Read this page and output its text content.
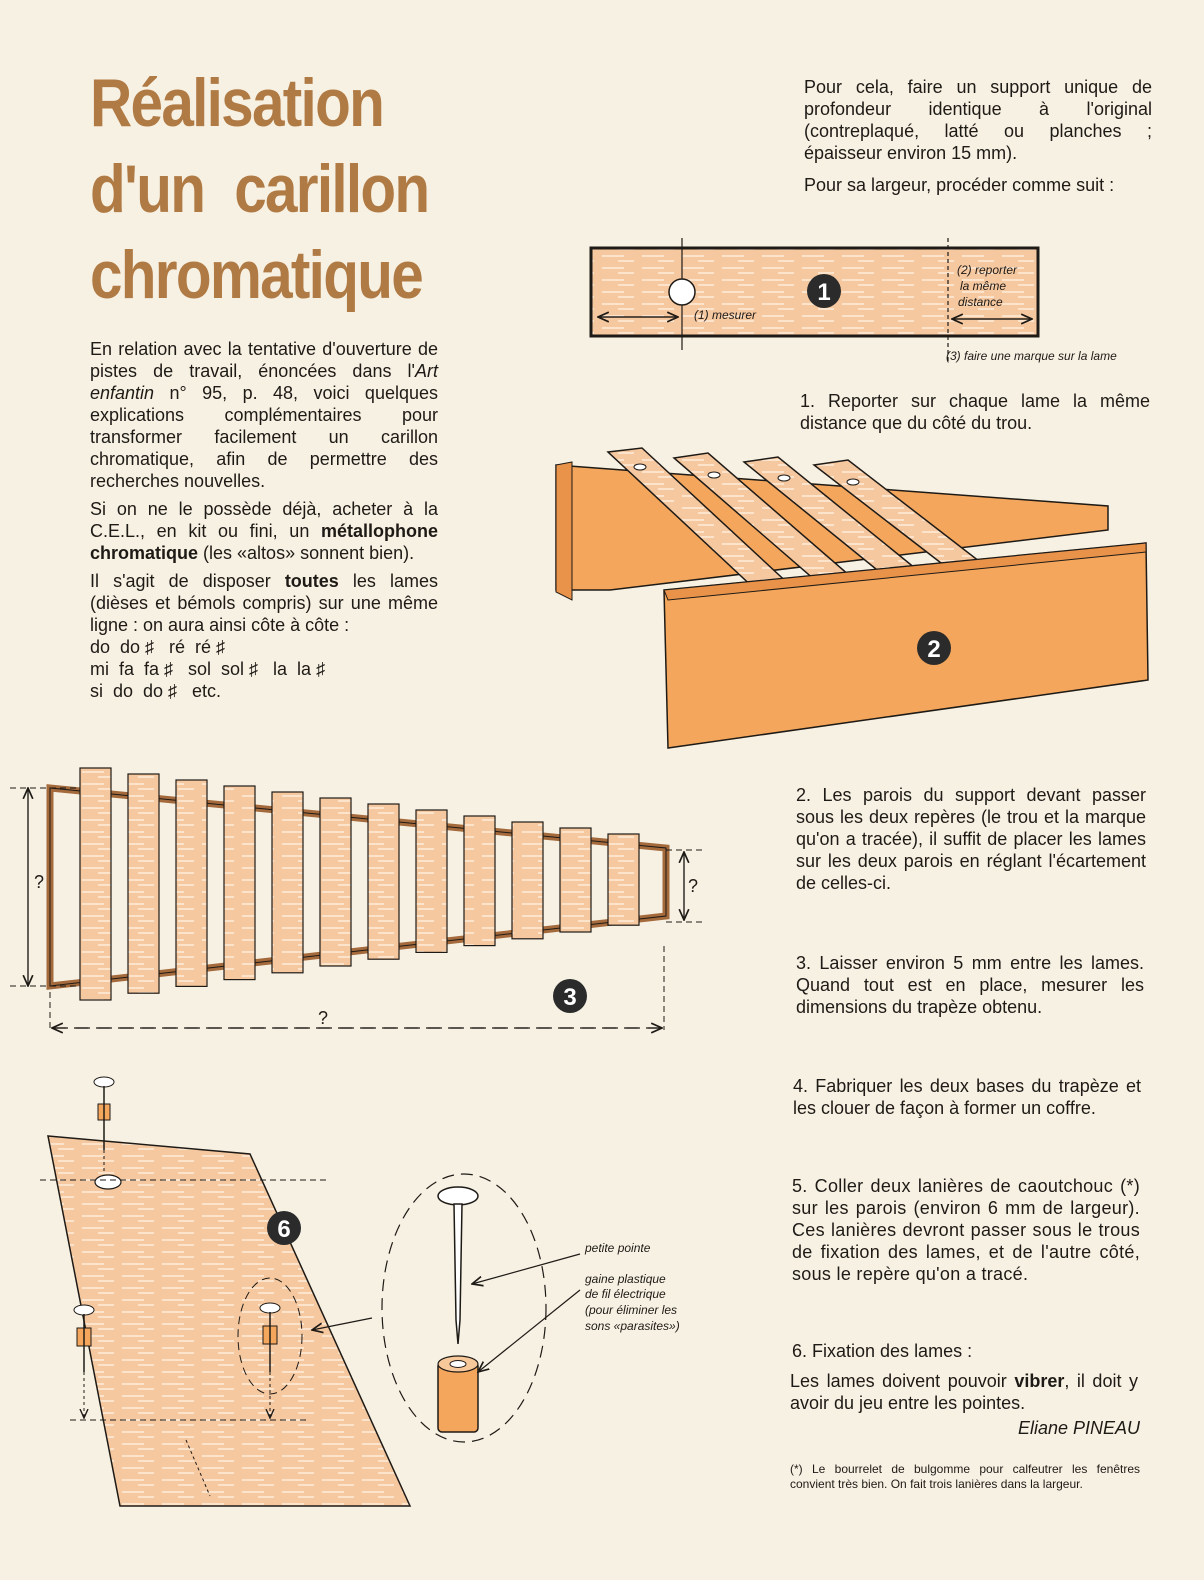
Réalisation
d'un carillon
chromatique

En relation avec la tentative d'ouverture de pistes de travail, énoncées dans l'Art enfantin n° 95, p. 48, voici quelques explications complémentaires pour transformer facilement un carillon chromatique, afin de permettre des recherches nouvelles.

Si on ne le possède déjà, acheter à la C.E.L., en kit ou fini, un métallophone chromatique (les «altos» sonnent bien).

Il s'agit de disposer toutes les lames (dièses et bémols compris) sur une même ligne : on aura ainsi côte à côte :

do  do ♯   ré  ré ♯
mi  fa  fa ♯   sol  sol ♯   la  la ♯
si  do  do ♯   etc.

Pour cela, faire un support unique de profondeur identique à l'original (contreplaqué, latté ou planches ; épaisseur environ 15 mm).

Pour sa largeur, procéder comme suit :

1. Reporter sur chaque lame la même distance que du côté du trou.
2. Les parois du support devant passer sous les deux repères (le trou et la marque qu'on a tracée), il suffit de placer les lames sur les deux parois en réglant l'écartement de celles-ci.
3. Laisser environ 5 mm entre les lames. Quand tout est en place, mesurer les dimensions du trapèze obtenu.
4. Fabriquer les deux bases du trapèze et les clouer de façon à former un coffre.
5. Coller deux lanières de caoutchouc (*) sur les parois (environ 6 mm de largeur). Ces lanières devront passer sous le trous de fixation des lames, et de l'autre côté, sous le repère qu'on a tracé.
6. Fixation des lames :
Les lames doivent pouvoir vibrer, il doit y avoir du jeu entre les pointes.
Eliane PINEAU
(*) Le bourrelet de bulgomme pour calfeutrer les fenêtres convient très bien. On fait trois lanières dans la largeur.
1
(1) mesurer
(2) reporter
la même
distance
(3) faire une marque sur la lame
2
?	?
?
3
petite pointe
gaine plastique
de fil électrique
(pour éliminer les
sons «parasites»)
6
